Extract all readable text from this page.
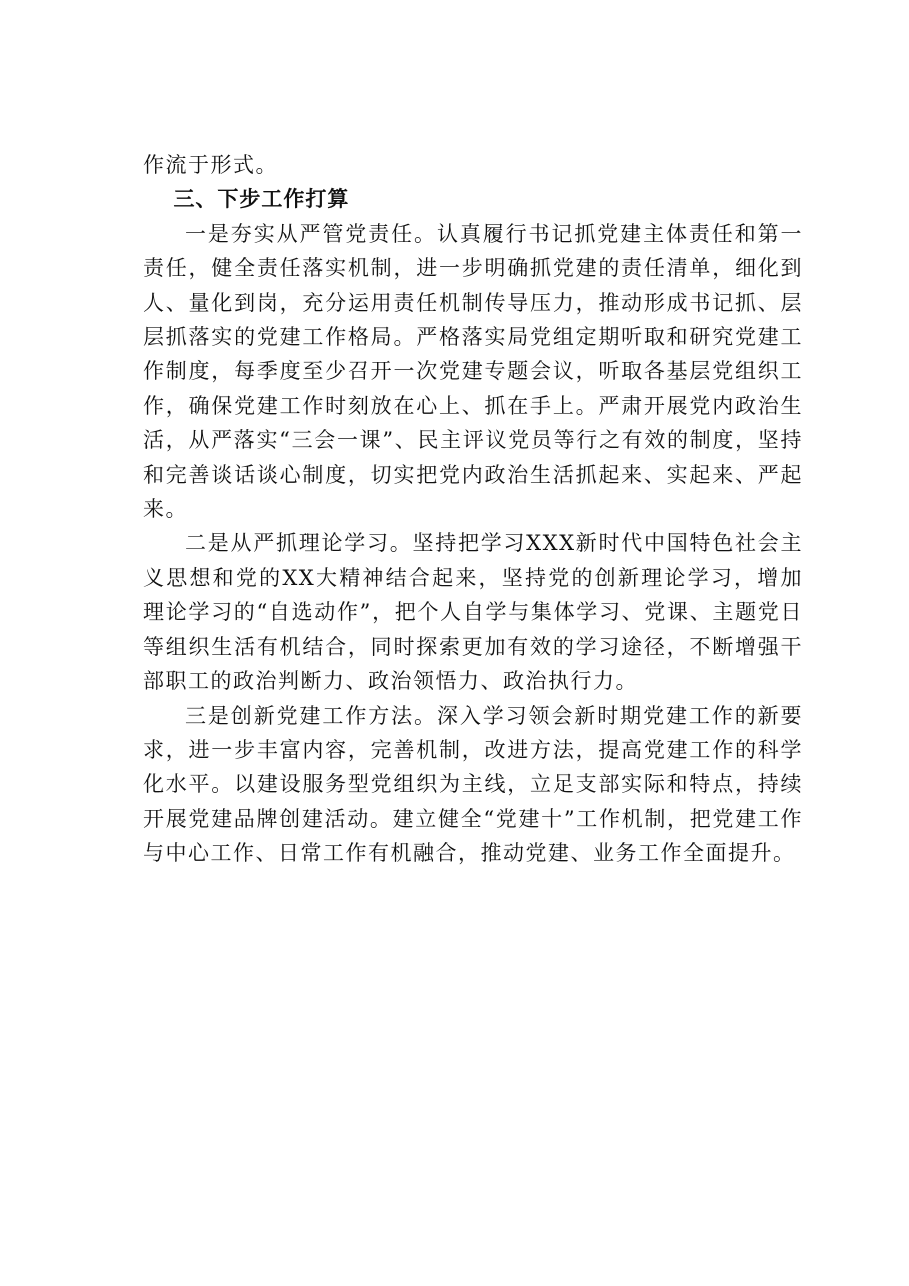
作流于形式。

三、下步工作打算

一是夯实从严管党责任。认真履行书记抓党建主体责任和第一责任，健全责任落实机制，进一步明确抓党建的责任清单，细化到人、量化到岗，充分运用责任机制传导压力，推动形成书记抓、层层抓落实的党建工作格局。严格落实局党组定期听取和研究党建工作制度，每季度至少召开一次党建专题会议，听取各基层党组织工作，确保党建工作时刻放在心上、抓在手上。严肃开展党内政治生活，从严落实“三会一课”、民主评议党员等行之有效的制度，坚持和完善谈话谈心制度，切实把党内政治生活抓起来、实起来、严起来。

二是从严抓理论学习。坚持把学习XXX新时代中国特色社会主义思想和党的XX大精神结合起来，坚持党的创新理论学习，增加理论学习的“自选动作”，把个人自学与集体学习、党课、主题党日等组织生活有机结合，同时探索更加有效的学习途径，不断增强干部职工的政治判断力、政治领悟力、政治执行力。

三是创新党建工作方法。深入学习领会新时期党建工作的新要求，进一步丰富内容，完善机制，改进方法，提高党建工作的科学化水平。以建设服务型党组织为主线，立足支部实际和特点，持续开展党建品牌创建活动。建立健全“党建十”工作机制，把党建工作与中心工作、日常工作有机融合，推动党建、业务工作全面提升。
